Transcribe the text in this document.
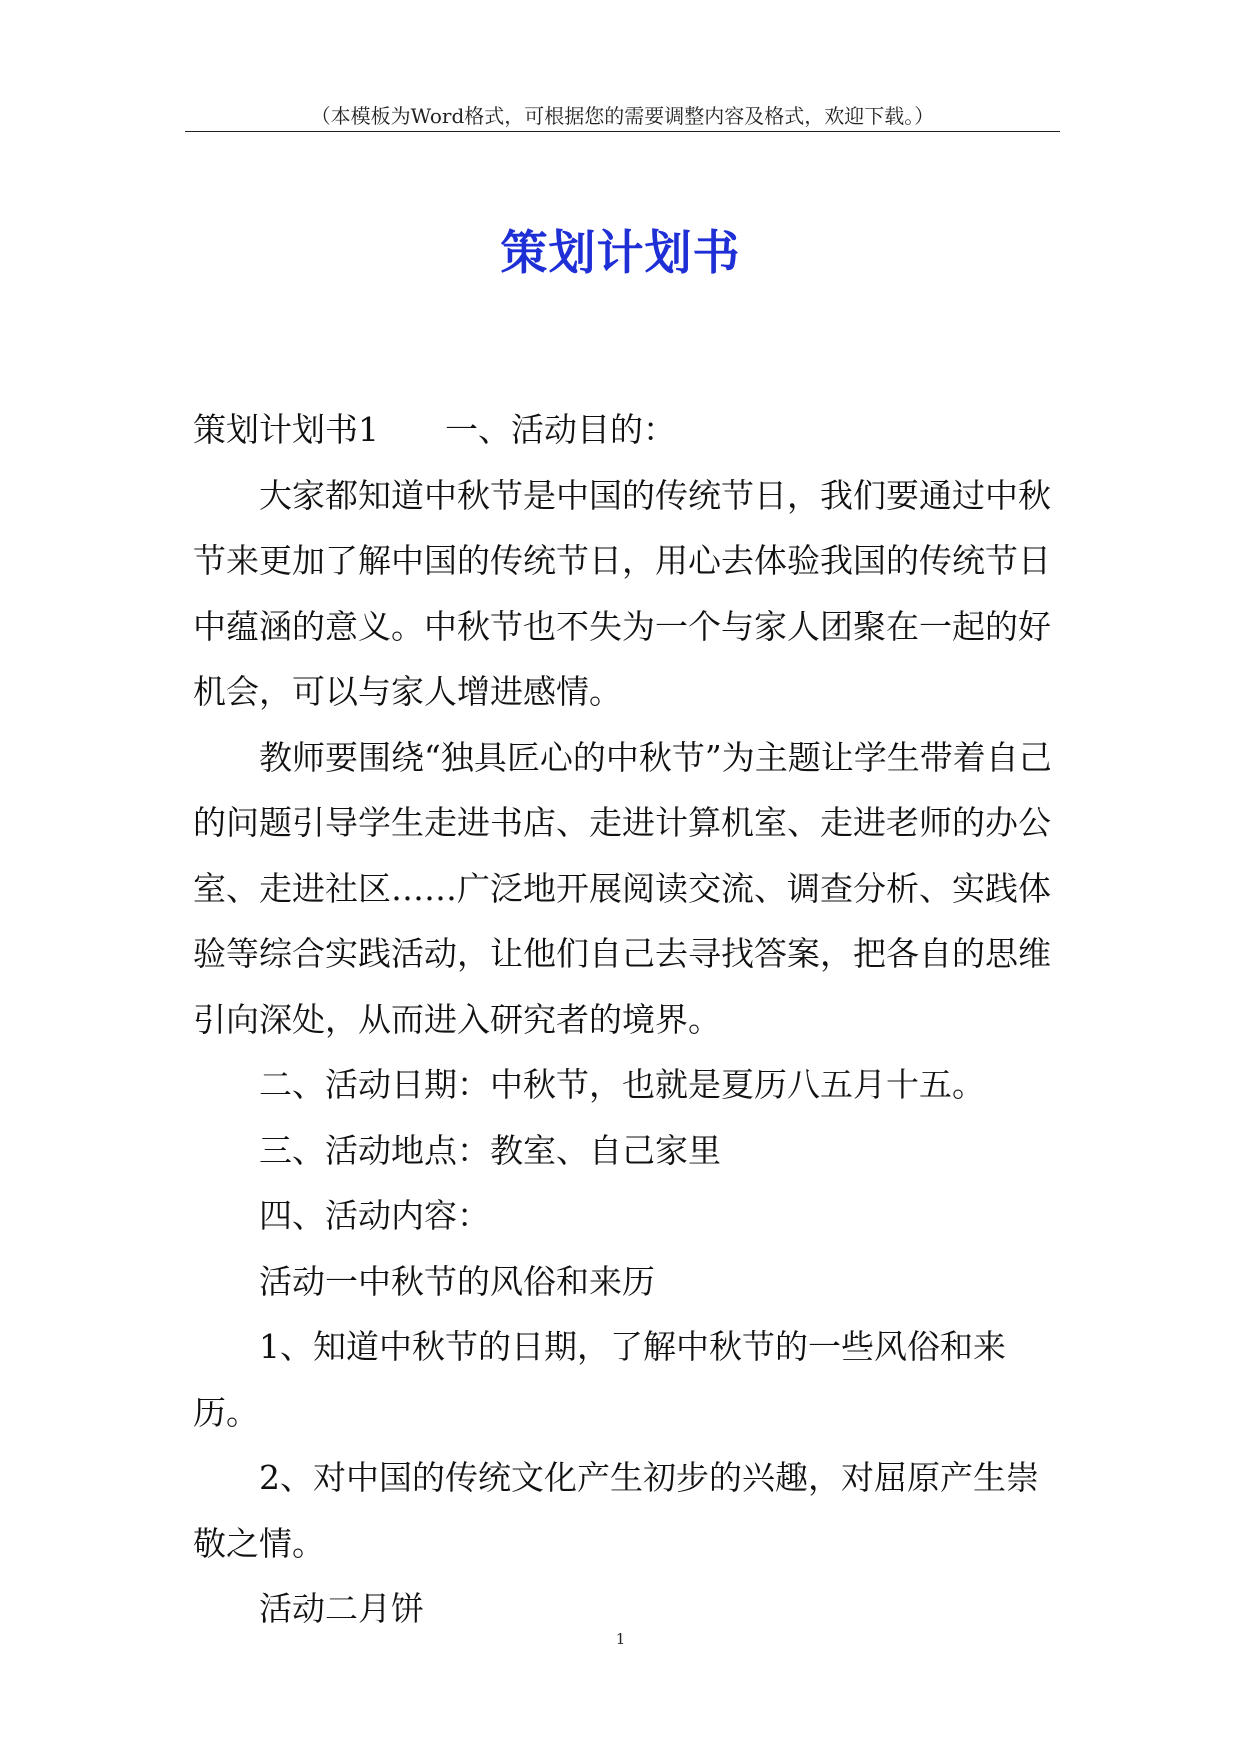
（本模板为Word格式，可根据您的需要调整内容及格式，欢迎下载。）
策划计划书

策划计划书1 一、活动目的：

大家都知道中秋节是中国的传统节日，我们要通过中秋节来更加了解中国的传统节日，用心去体验我国的传统节日中蕴涵的意义。中秋节也不失为一个与家人团聚在一起的好机会，可以与家人增进感情。

教师要围绕“独具匠心的中秋节”为主题让学生带着自己的问题引导学生走进书店、走进计算机室、走进老师的办公室、走进社区……广泛地开展阅读交流、调查分析、实践体验等综合实践活动，让他们自己去寻找答案，把各自的思维引向深处，从而进入研究者的境界。

二、活动日期：中秋节，也就是夏历八五月十五。

三、活动地点：教室、自己家里

四、活动内容：

活动一中秋节的风俗和来历

1、知道中秋节的日期，了解中秋节的一些风俗和来历。

2、对中国的传统文化产生初步的兴趣，对屈原产生崇敬之情。

活动二月饼

1
